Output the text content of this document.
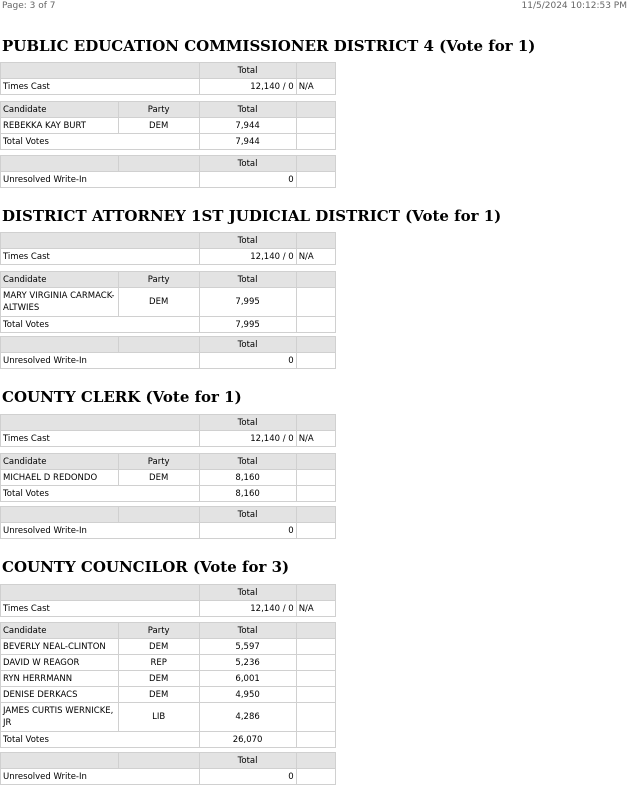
Page: 3 of 7	11/5/2024 10:12:53 PM
PUBLIC EDUCATION COMMISSIONER DISTRICT 4 (Vote for 1)
	Total	
Times Cast	12,140 / 0	N/A
Candidate	Party	Total	
REBEKKA KAY BURT	DEM	7,944	
Total Votes		7,944	
		Total	
Unresolved Write-In		0	
DISTRICT ATTORNEY 1ST JUDICIAL DISTRICT (Vote for 1)
	Total	
Times Cast	12,140 / 0	N/A
Candidate	Party	Total	
MARY VIRGINIA CARMACK-ALTWIES	DEM	7,995	
Total Votes		7,995	
		Total	
Unresolved Write-In		0	
COUNTY CLERK (Vote for 1)
	Total	
Times Cast	12,140 / 0	N/A
Candidate	Party	Total	
MICHAEL D REDONDO	DEM	8,160	
Total Votes		8,160	
		Total	
Unresolved Write-In		0	
COUNTY COUNCILOR (Vote for 3)
	Total	
Times Cast	12,140 / 0	N/A
Candidate	Party	Total	
BEVERLY NEAL-CLINTON	DEM	5,597	
DAVID W REAGOR	REP	5,236	
RYN HERRMANN	DEM	6,001	
DENISE DERKACS	DEM	4,950	
JAMES CURTIS WERNICKE, JR	LIB	4,286	
Total Votes		26,070	
		Total	
Unresolved Write-In		0	
